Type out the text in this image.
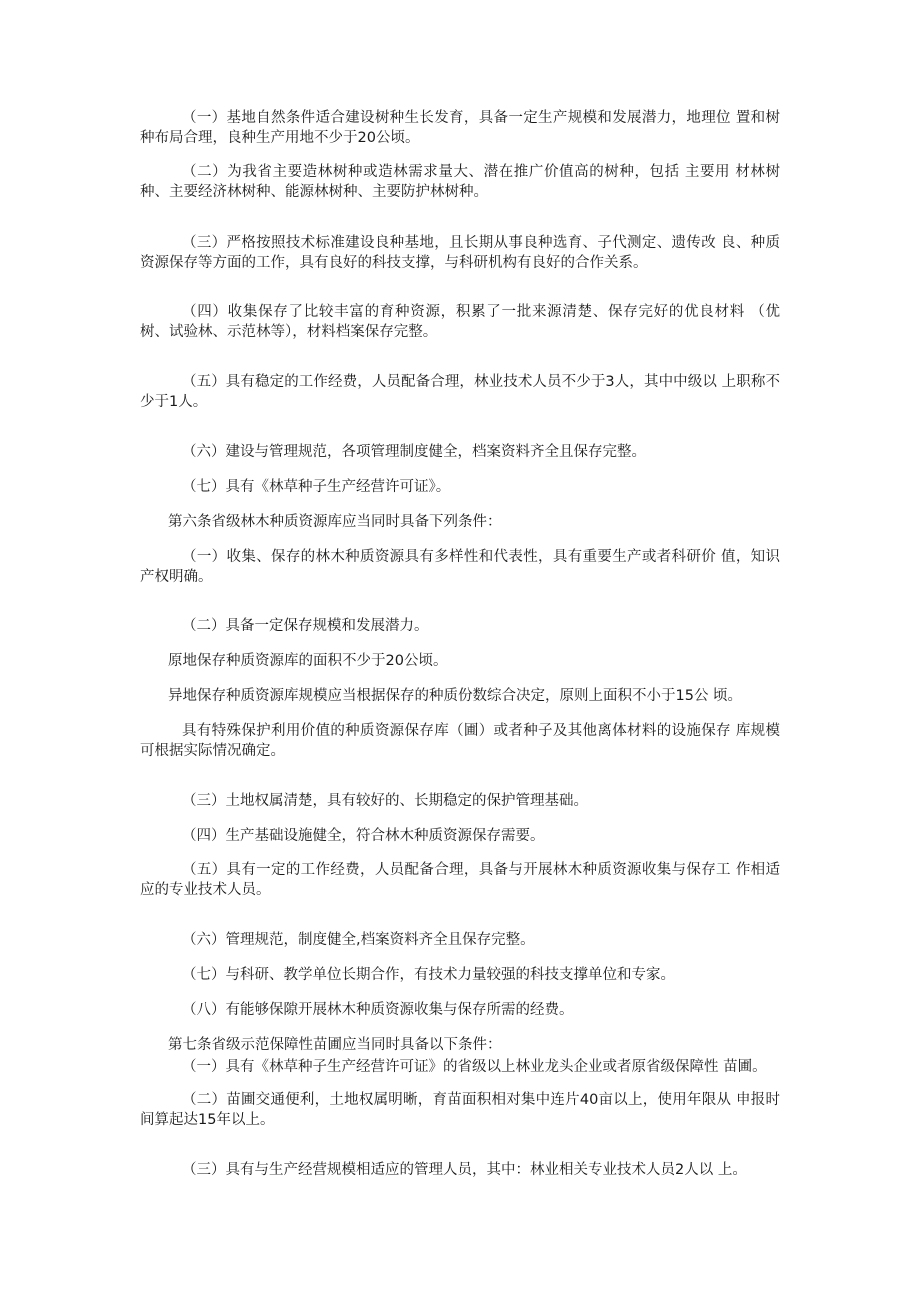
（一）基地自然条件适合建设树种生长发育，具备一定生产规模和发展潜力，地理位 置和树种布局合理，良种生产用地不少于20公顷。

（二）为我省主要造林树种或造林需求量大、潜在推广价值高的树种，包括 主要用 材林树种、主要经济林树种、能源林树种、主要防护林树种。

（三）严格按照技术标准建设良种基地，且长期从事良种选育、子代测定、遗传改 良、种质资源保存等方面的工作，具有良好的科技支撑，与科研机构有良好的合作关系。

（四）收集保存了比较丰富的育种资源，积累了一批来源清楚、保存完好的优良材料 （优树、试验林、示范林等），材料档案保存完整。

（五）具有稳定的工作经费，人员配备合理，林业技术人员不少于3人，其中中级以 上职称不少于1人。

（六）建设与管理规范，各项管理制度健全，档案资料齐全且保存完整。

（七）具有《林草种子生产经营许可证》。

第六条省级林木种质资源库应当同时具备下列条件：

（一）收集、保存的林木种质资源具有多样性和代表性，具有重要生产或者科研价 值，知识产权明确。

（二）具备一定保存规模和发展潜力。

原地保存种质资源库的面积不少于20公顷。

异地保存种质资源库规模应当根据保存的种质份数综合决定，原则上面积不小于15公 顷。

具有特殊保护利用价值的种质资源保存库（圃）或者种子及其他离体材料的设施保存 库规模可根据实际情况确定。

（三）土地权属清楚，具有较好的、长期稳定的保护管理基础。

（四）生产基础设施健全，符合林木种质资源保存需要。

（五）具有一定的工作经费，人员配备合理，具备与开展林木种质资源收集与保存工 作相适应的专业技术人员。

（六）管理规范，制度健全,档案资料齐全且保存完整。

（七）与科研、教学单位长期合作，有技术力量较强的科技支撑单位和专家。

（八）有能够保隙开展林木种质资源收集与保存所需的经费。

第七条省级示范保障性苗圃应当同时具备以下条件：

（一）具有《林草种子生产经营许可证》的省级以上林业龙头企业或者原省级保障性 苗圃。

（二）苗圃交通便利，土地权属明晰，育苗面积相对集中连片40亩以上，使用年限从 申报时间算起达15年以上。

（三）具有与生产经营规模相适应的管理人员，其中：林业相关专业技术人员2人以 上。
